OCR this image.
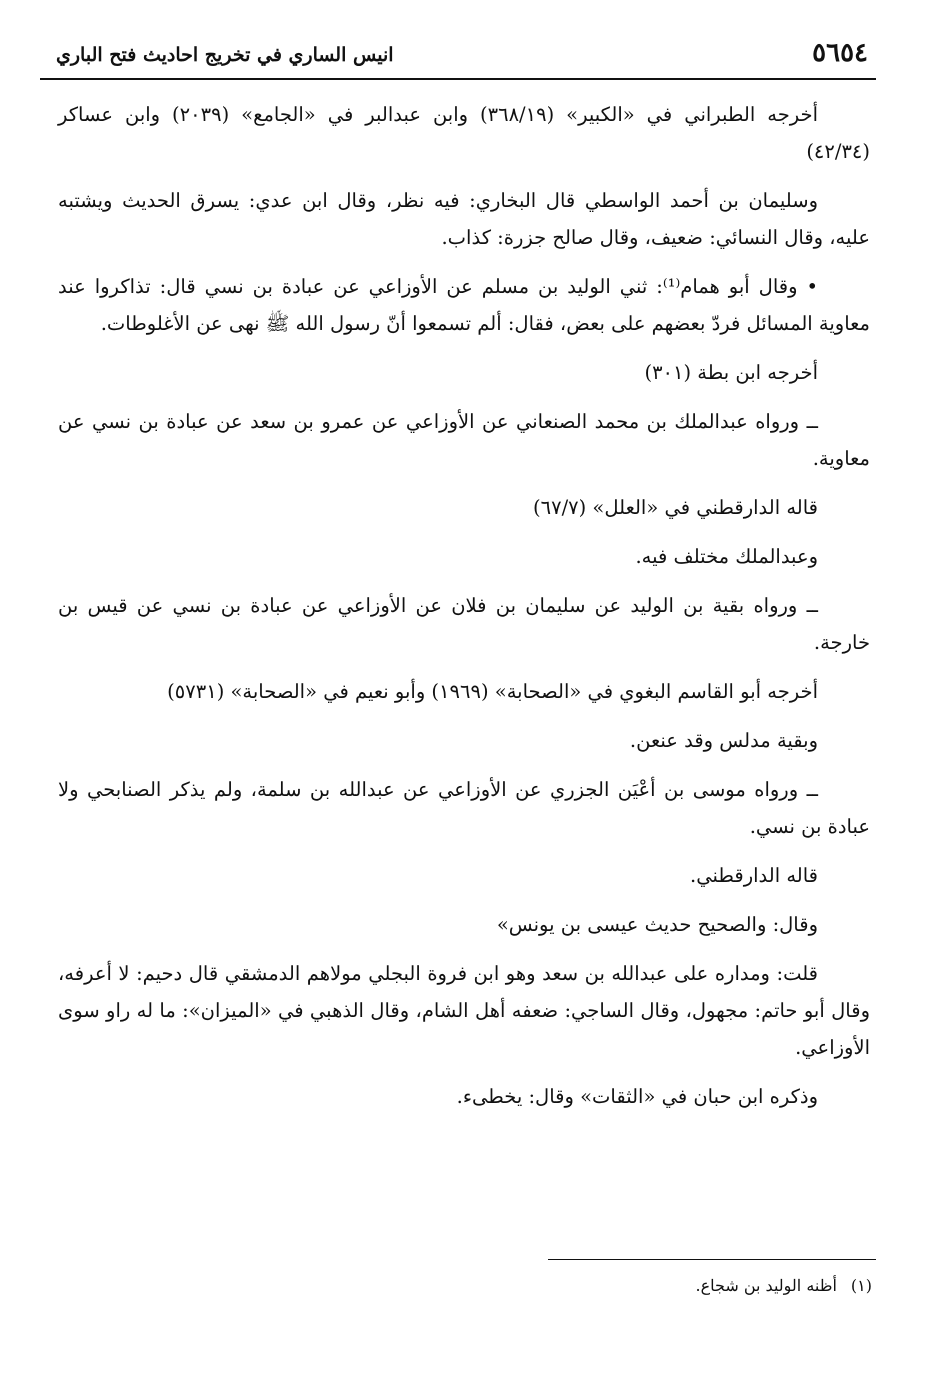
٥٦٥٤
انيس الساري في تخريج احاديث فتح الباري

أخرجه الطبراني في «الكبير» (٣٦٨/١٩) وابن عبدالبر في «الجامع» (٢٠٣٩) وابن عساكر (٤٢/٣٤)

وسليمان بن أحمد الواسطي قال البخاري: فيه نظر، وقال ابن عدي: يسرق الحديث ويشتبه عليه، وقال النسائي: ضعيف، وقال صالح جزرة: كذاب.

• وقال أبو همام⁽¹⁾: ثني الوليد بن مسلم عن الأوزاعي عن عبادة بن نسي قال: تذاكروا عند معاوية المسائل فردّ بعضهم على بعض، فقال: ألم تسمعوا أنّ رسول الله ﷺ نهى عن الأغلوطات.

أخرجه ابن بطة (٣٠١)

ــ ورواه عبدالملك بن محمد الصنعاني عن الأوزاعي عن عمرو بن سعد عن عبادة بن نسي عن معاوية.

قاله الدارقطني في «العلل» (٦٧/٧)

وعبدالملك مختلف فيه.

ــ ورواه بقية بن الوليد عن سليمان بن فلان عن الأوزاعي عن عبادة بن نسي عن قيس بن خارجة.

أخرجه أبو القاسم البغوي في «الصحابة» (١٩٦٩) وأبو نعيم في «الصحابة» (٥٧٣١)

وبقية مدلس وقد عنعن.

ــ ورواه موسى بن أعْيَن الجزري عن الأوزاعي عن عبدالله بن سلمة، ولم يذكر الصنابحي ولا عبادة بن نسي.

قاله الدارقطني.

وقال: والصحيح حديث عيسى بن يونس»

قلت: ومداره على عبدالله بن سعد وهو ابن فروة البجلي مولاهم الدمشقي قال دحيم: لا أعرفه، وقال أبو حاتم: مجهول، وقال الساجي: ضعفه أهل الشام، وقال الذهبي في «الميزان»: ما له راو سوى الأوزاعي.

وذكره ابن حبان في «الثقات» وقال: يخطىء.

(١)أظنه الوليد بن شجاع.
